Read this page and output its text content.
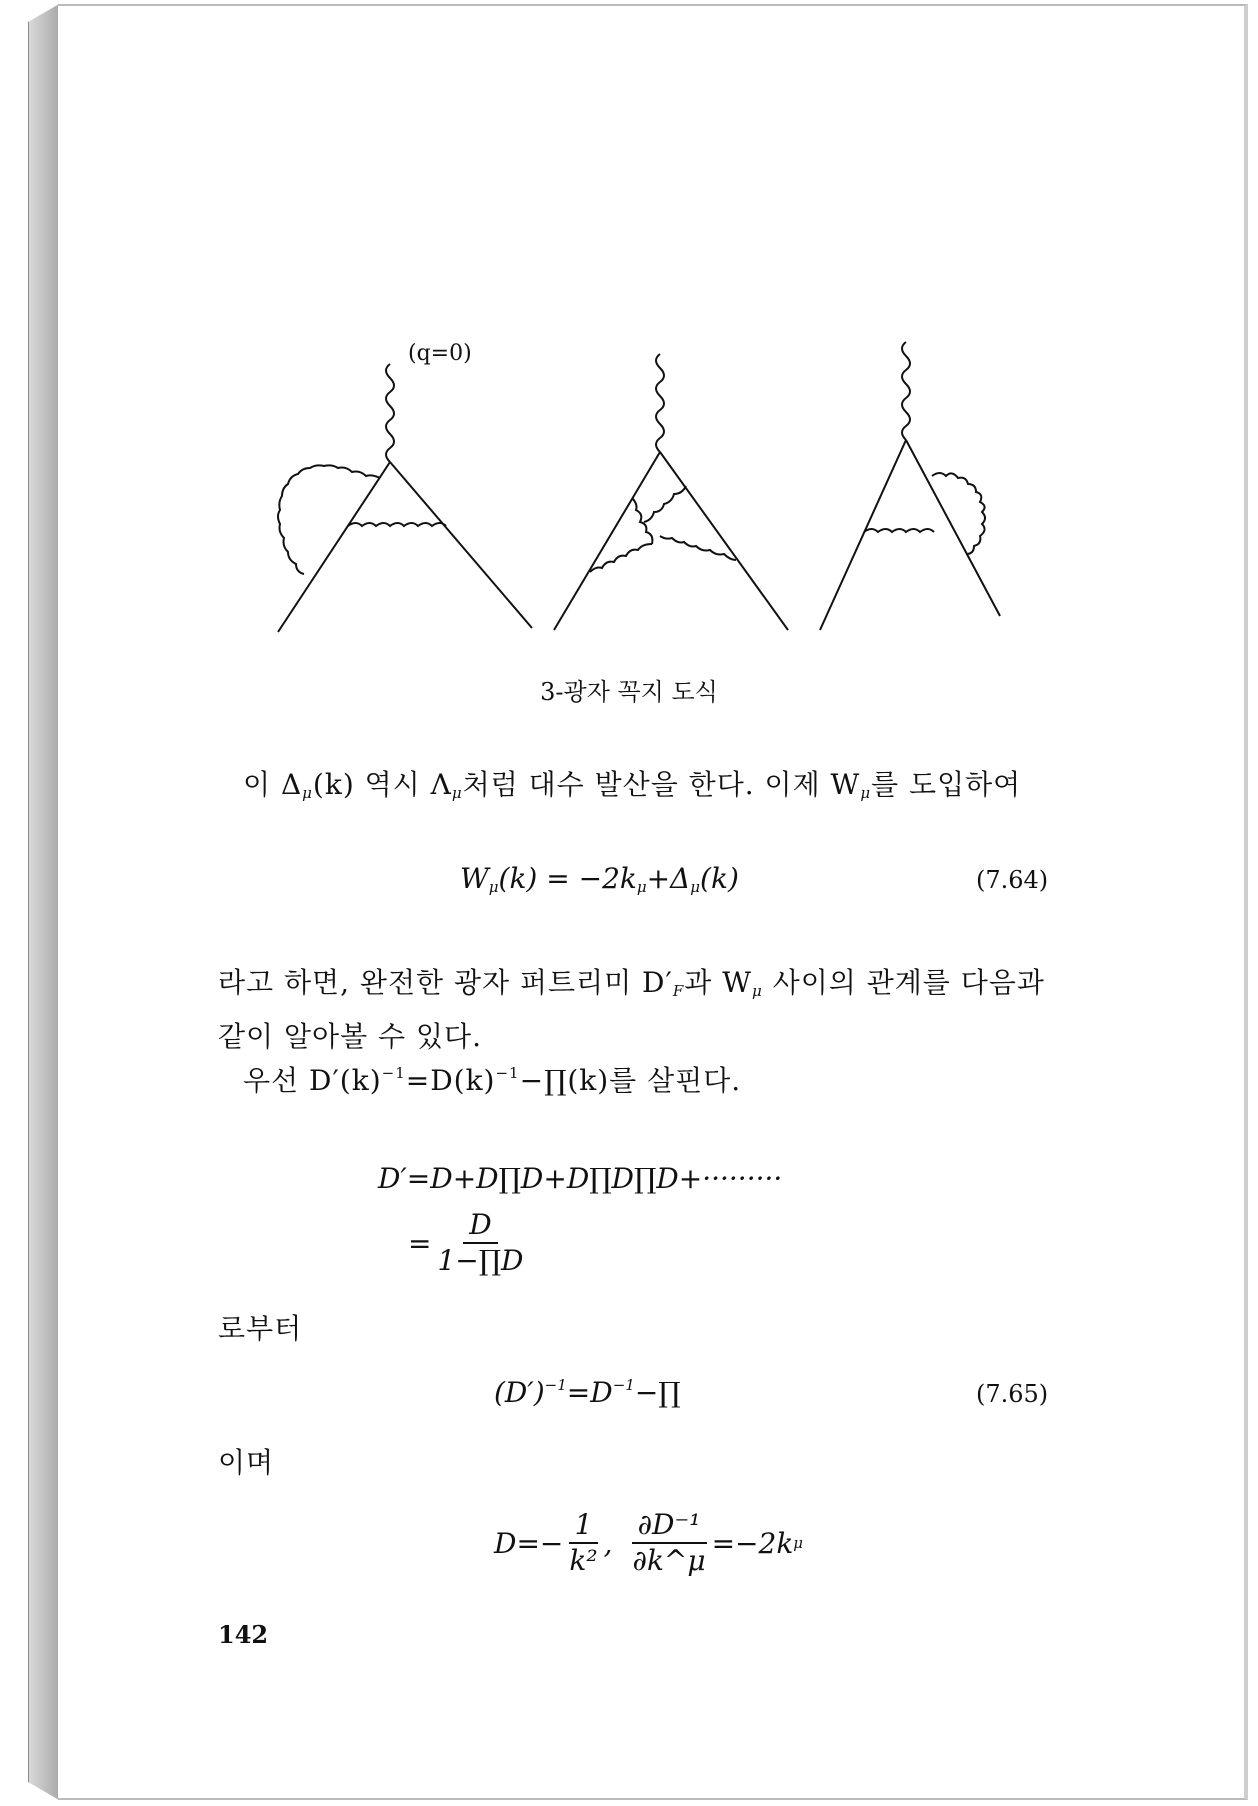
(q=0)
3-광자 꼭지 도식
이 Δμ(k) 역시 Λμ처럼 대수 발산을 한다. 이제 Wμ를 도입하여
Wμ(k) = −2kμ+Δμ(k)	(7.64)
라고 하면, 완전한 광자 퍼트리미 D′F과 Wμ 사이의 관계를 다음과
같이 알아볼 수 있다.
우선 $D'(k)^{-1}=D(k)^{-1}-\prod(k)$를 살핀다.
D′=D+D∏D+D∏D∏D+·········
= $\frac{D}{1-\prod D}$
로부터
$(D')^{-1}=D^{-1}-\prod$	(7.65)
이며
$D=- \frac{1}{\text{k²}}$ , $\frac{\text{∂D⁻¹}}{\partial k\^{}\mu} =-2k$ μ
142
